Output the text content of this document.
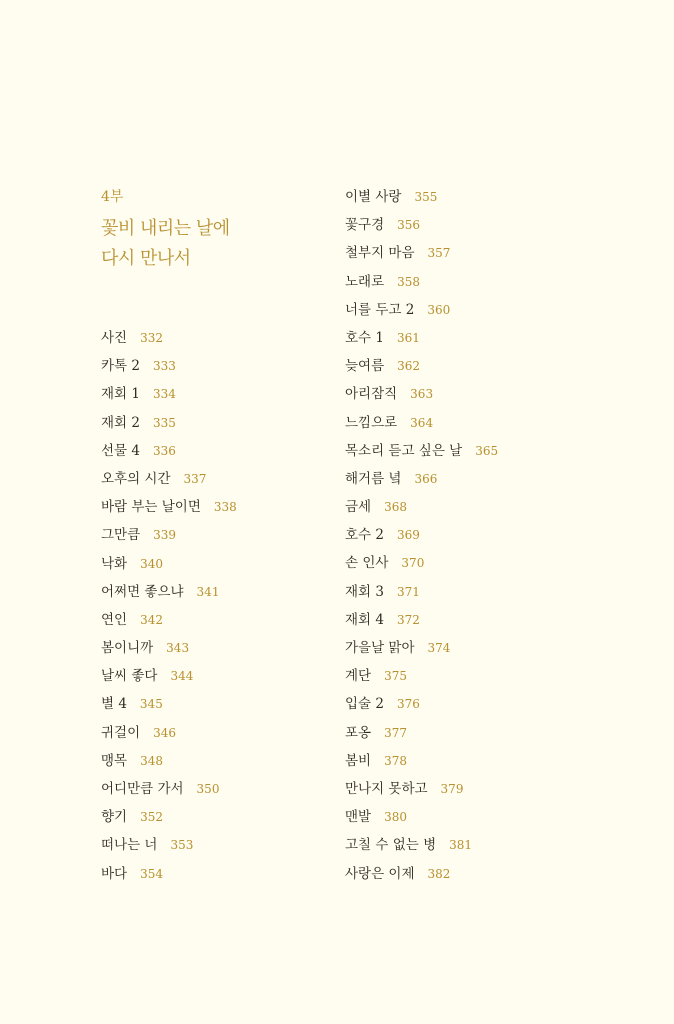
4부
꽃비 내리는 날에
다시 만나서
사진 332
카톡 2 333
재회 1 334
재회 2 335
선물 4 336
오후의 시간 337
바람 부는 날이면 338
그만큼 339
낙화 340
어쩌면 좋으냐 341
연인 342
봄이니까 343
날씨 좋다 344
별 4 345
귀걸이 346
맹목 348
어디만큼 가서 350
향기 352
떠나는 너 353
바다 354
이별 사랑 355
꽃구경 356
철부지 마음 357
노래로 358
너를 두고 2 360
호수 1 361
늦여름 362
아리잠직 363
느낌으로 364
목소리 듣고 싶은 날 365
해거름 녘 366
금세 368
호수 2 369
손 인사 370
재회 3 371
재회 4 372
가을날 맑아 374
계단 375
입술 2 376
포옹 377
봄비 378
만나지 못하고 379
맨발 380
고칠 수 없는 병 381
사랑은 이제 382
